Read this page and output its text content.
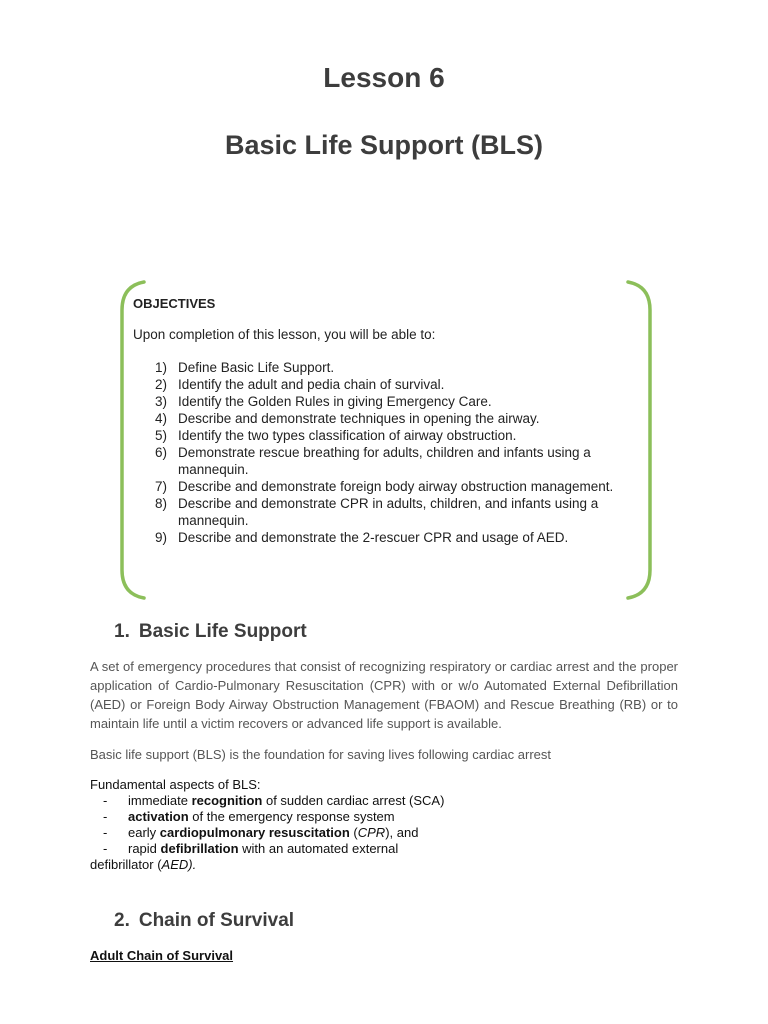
Lesson 6
Basic Life Support (BLS)

OBJECTIVES

Upon completion of this lesson, you will be able to:

1) Define Basic Life Support.
2) Identify the adult and pedia chain of survival.
3) Identify the Golden Rules in giving Emergency Care.
4) Describe and demonstrate techniques in opening the airway.
5) Identify the two types classification of airway obstruction.
6) Demonstrate rescue breathing for adults, children and infants using a mannequin.
7) Describe and demonstrate foreign body airway obstruction management.
8) Describe and demonstrate CPR in adults, children, and infants using a mannequin.
9) Describe and demonstrate the 2-rescuer CPR and usage of AED.
1. Basic Life Support

A set of emergency procedures that consist of recognizing respiratory or cardiac arrest and the proper application of Cardio-Pulmonary Resuscitation (CPR) with or w/o Automated External Defibrillation (AED) or Foreign Body Airway Obstruction Management (FBAOM) and Rescue Breathing (RB) or to maintain life until a victim recovers or advanced life support is available.

Basic life support (BLS) is the foundation for saving lives following cardiac arrest

Fundamental aspects of BLS:
-	immediate recognition of sudden cardiac arrest (SCA)
-	activation of the emergency response system
-	early cardiopulmonary resuscitation (CPR), and
-	rapid defibrillation with an automated external
defibrillator (AED).
2. Chain of Survival

Adult Chain of Survival
